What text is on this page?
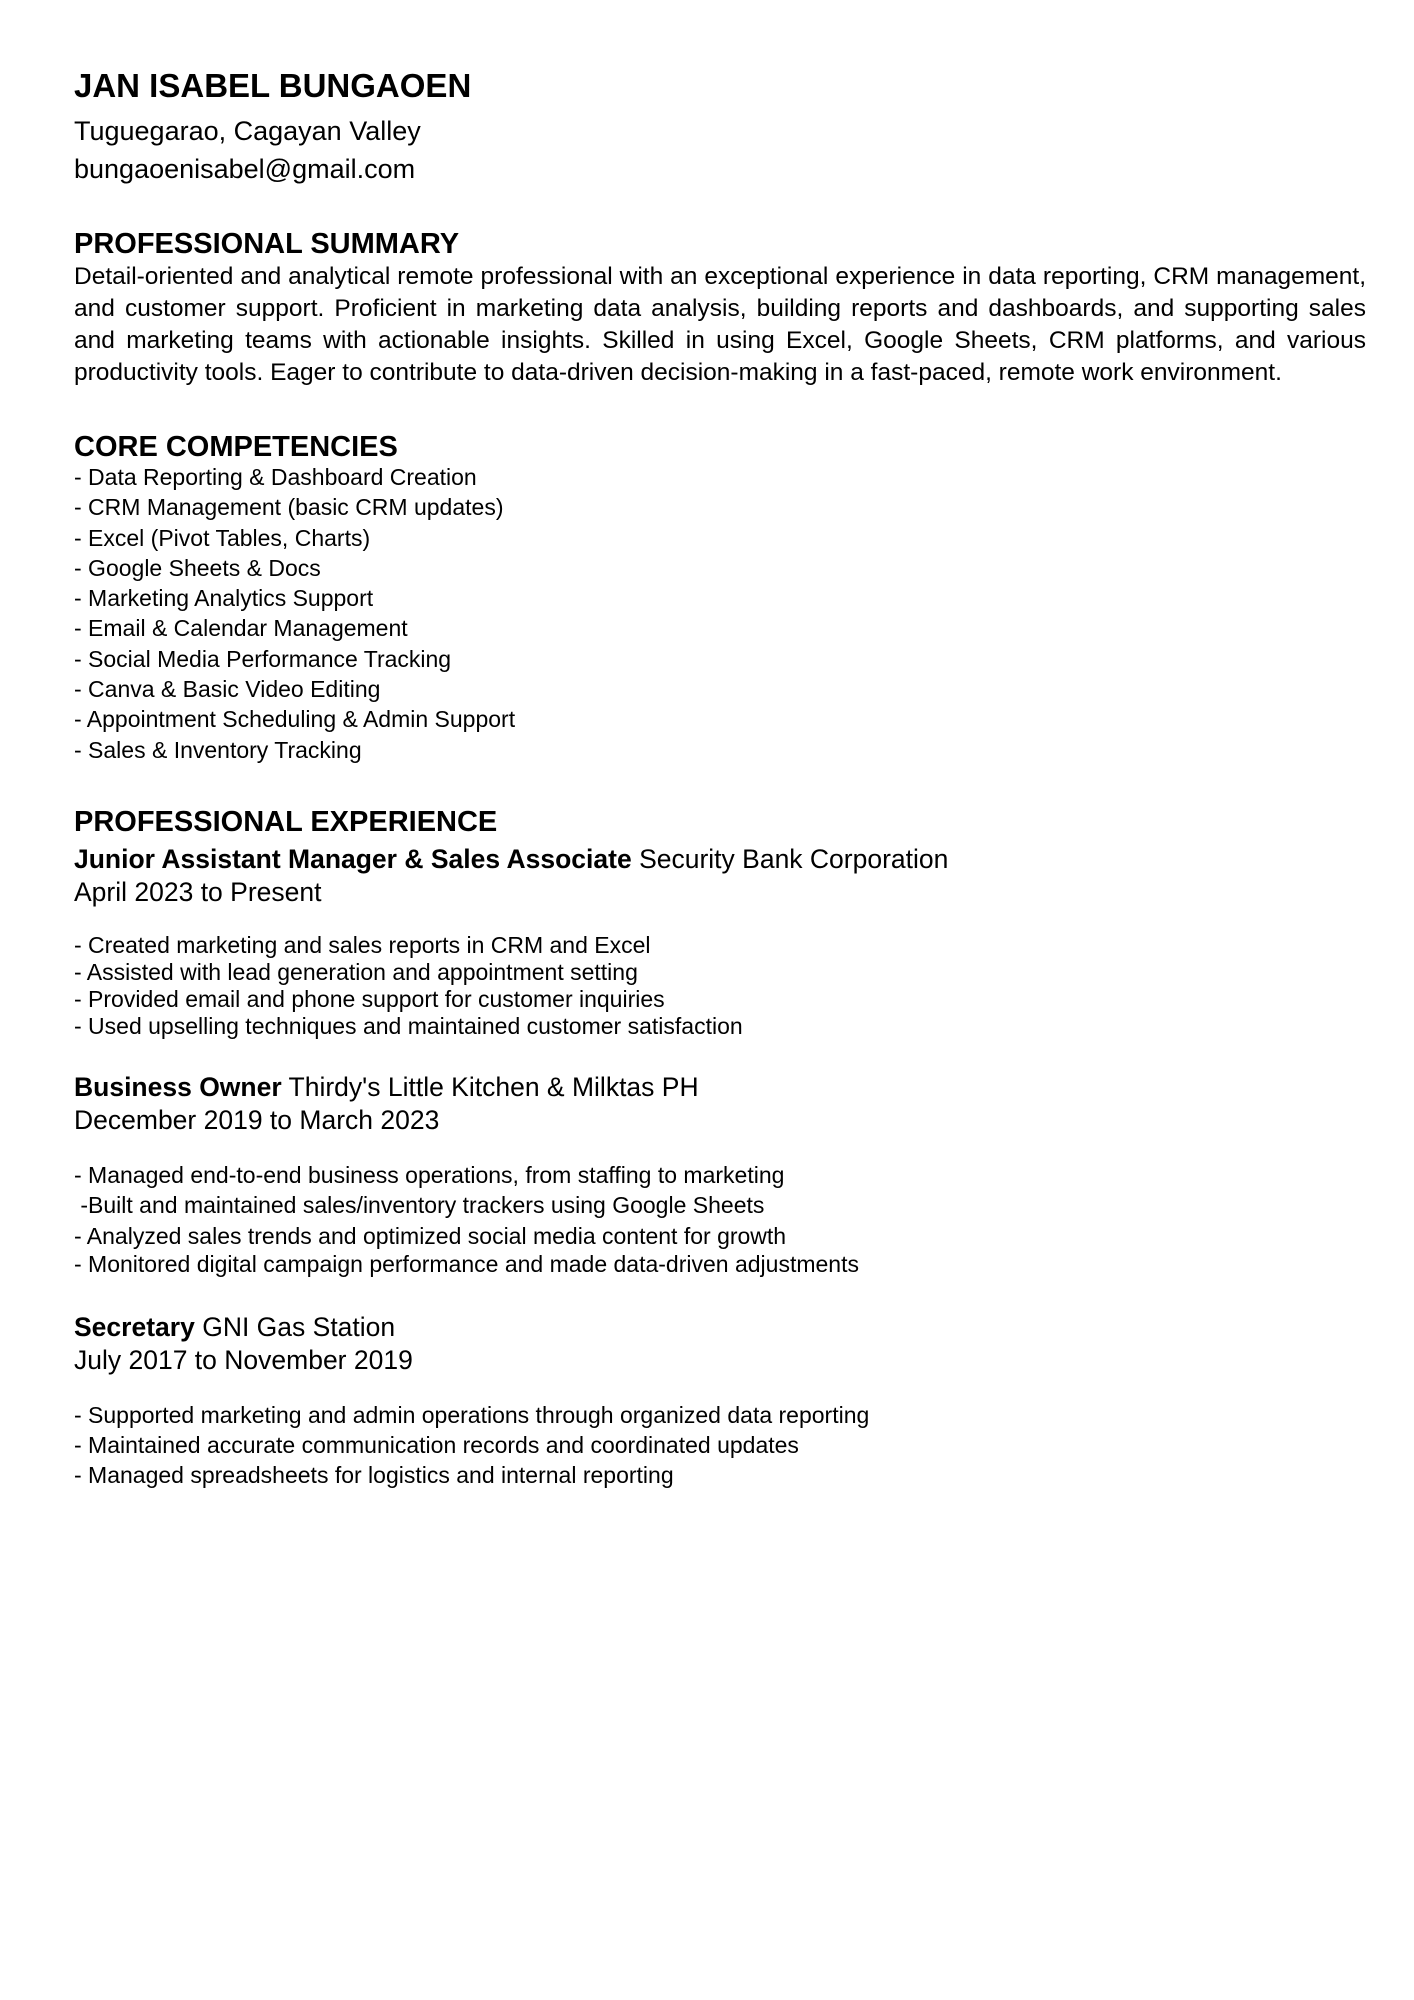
JAN ISABEL BUNGAOEN

Tuguegarao, Cagayan Valley

bungaoenisabel@gmail.com

PROFESSIONAL SUMMARY

Detail-oriented and analytical remote professional with an exceptional experience in data reporting, CRM management, and customer support. Proficient in marketing data analysis, building reports and dashboards, and supporting sales and marketing teams with actionable insights. Skilled in using Excel, Google Sheets, CRM platforms, and various productivity tools. Eager to contribute to data-driven decision-making in a fast-paced, remote work environment.

CORE COMPETENCIES
- Data Reporting & Dashboard Creation
- CRM Management (basic CRM updates)
- Excel (Pivot Tables, Charts)
- Google Sheets & Docs
- Marketing Analytics Support
- Email & Calendar Management
- Social Media Performance Tracking
- Canva & Basic Video Editing
- Appointment Scheduling & Admin Support
- Sales & Inventory Tracking
PROFESSIONAL EXPERIENCE

Junior Assistant Manager & Sales Associate Security Bank Corporation

April 2023 to Present

- Created marketing and sales reports in CRM and Excel
- Assisted with lead generation and appointment setting
- Provided email and phone support for customer inquiries
- Used upselling techniques and maintained customer satisfaction

Business Owner Thirdy's Little Kitchen & Milktas PH

December 2019 to March 2023

- Managed end-to-end business operations, from staffing to marketing
-Built and maintained sales/inventory trackers using Google Sheets
- Analyzed sales trends and optimized social media content for growth
- Monitored digital campaign performance and made data-driven adjustments

Secretary GNI Gas Station

July 2017 to November 2019

- Supported marketing and admin operations through organized data reporting
- Maintained accurate communication records and coordinated updates
- Managed spreadsheets for logistics and internal reporting
